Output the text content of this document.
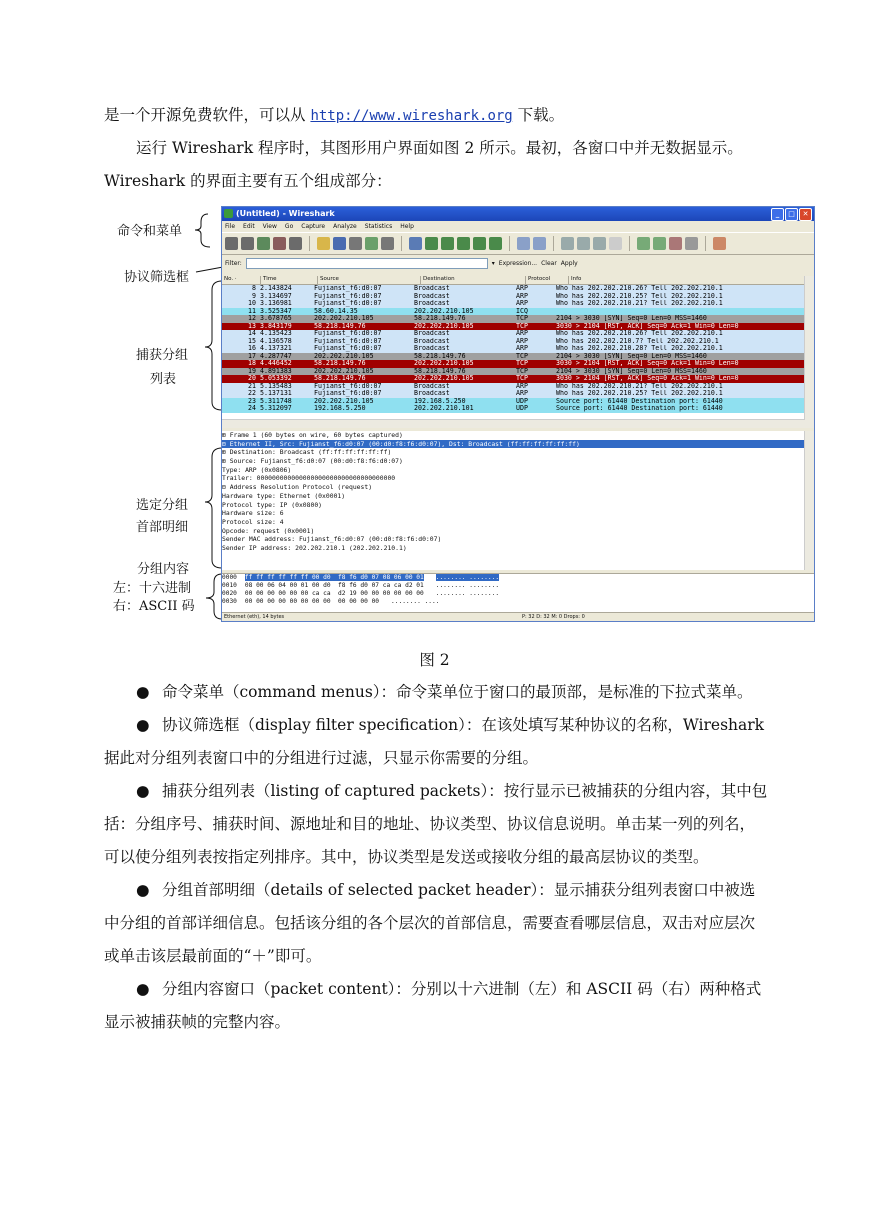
是一个开源免费软件，可以从 http://www.wireshark.org 下载。

运行 Wireshark 程序时，其图形用户界面如图 2 所示。最初，各窗口中并无数据显示。Wireshark 的界面主要有五个组成部分：

命令和菜单
协议筛选框
捕获分组
列表
选定分组
首部明细
分组内容
左：十六进制
右：ASCII 码
(Untitled) - Wireshark	_	□	✕
File Edit View Go Capture Analyze Statistics Help
Filter:	▾ Expression... Clear Apply
No. ·	Time	Source	Destination	Protocol	Info
8	2.143824	Fujianst_f6:d0:07	Broadcast	ARP	Who has 202.202.210.26? Tell 202.202.210.1
9	3.134697	Fujianst_f6:d0:07	Broadcast	ARP	Who has 202.202.210.25? Tell 202.202.210.1
10	3.136981	Fujianst_f6:d0:07	Broadcast	ARP	Who has 202.202.210.21? Tell 202.202.210.1
11	3.525347	58.60.14.35	202.202.210.105	ICQ	
12	3.678765	202.202.210.105	58.218.149.76	TCP	2104 > 3030 [SYN] Seq=0 Len=0 MSS=1460
13	3.843179	58.218.149.76	202.202.210.105	TCP	3030 > 2104 [RST, ACK] Seq=0 Ack=1 Win=0 Len=0
14	4.135423	Fujianst_f6:d0:07	Broadcast	ARP	Who has 202.202.210.26? Tell 202.202.210.1
15	4.136578	Fujianst_f6:d0:07	Broadcast	ARP	Who has 202.202.210.7? Tell 202.202.210.1
16	4.137321	Fujianst_f6:d0:07	Broadcast	ARP	Who has 202.202.210.28? Tell 202.202.210.1
17	4.287747	202.202.210.105	58.218.149.76	TCP	2104 > 3030 [SYN] Seq=0 Len=0 MSS=1460
18	4.446452	58.218.149.76	202.202.210.105	TCP	3030 > 2104 [RST, ACK] Seq=0 Ack=1 Win=0 Len=0
19	4.891383	202.202.210.105	58.218.149.76	TCP	2104 > 3030 [SYN] Seq=0 Len=0 MSS=1460
20	5.053392	58.218.149.76	202.202.210.105	TCP	3030 > 2104 [RST, ACK] Seq=0 Ack=1 Win=0 Len=0
21	5.135483	Fujianst_f6:d0:07	Broadcast	ARP	Who has 202.202.210.21? Tell 202.202.210.1
22	5.137131	Fujianst_f6:d0:07	Broadcast	ARP	Who has 202.202.210.25? Tell 202.202.210.1
23	5.311748	202.202.210.105	192.168.5.250	UDP	Source port: 61440 Destination port: 61440
24	5.312097	192.168.5.250	202.202.210.101	UDP	Source port: 61440 Destination port: 61440
⊞ Frame 1 (60 bytes on wire, 60 bytes captured)
⊟ Ethernet II, Src: Fujianst_f6:d0:07 (00:d0:f8:f6:d0:07), Dst: Broadcast (ff:ff:ff:ff:ff:ff)
⊞ Destination: Broadcast (ff:ff:ff:ff:ff:ff)
⊞ Source: Fujianst_f6:d0:07 (00:d0:f8:f6:d0:07)
Type: ARP (0x0806)
Trailer: 000000000000000000000000000000000000
⊟ Address Resolution Protocol (request)
Hardware type: Ethernet (0x0001)
Protocol type: IP (0x0800)
Hardware size: 6
Protocol size: 4
Opcode: request (0x0001)
Sender MAC address: Fujianst_f6:d0:07 (00:d0:f8:f6:d0:07)
Sender IP address: 202.202.210.1 (202.202.210.1)
0000 ff ff ff ff ff ff 00 d0  f8 f6 d0 07 08 06 00 01 ........ ........
0010 08 00 06 04 00 01 00 d0  f8 f6 d0 07 ca ca d2 01 ........ ........
0020 00 00 00 00 00 00 ca ca  d2 19 00 00 00 00 00 00 ........ ........
0030 00 00 00 00 00 00 00 00  00 00 00 00 ........ ....
Ethernet (eth), 14 bytes	P: 32 D: 32 M: 0 Drops: 0
图 2

● 命令菜单（command menus）：命令菜单位于窗口的最顶部，是标准的下拉式菜单。

● 协议筛选框（display filter specification）：在该处填写某种协议的名称，Wireshark据此对分组列表窗口中的分组进行过滤，只显示你需要的分组。

● 捕获分组列表（listing of captured packets）：按行显示已被捕获的分组内容，其中包括：分组序号、捕获时间、源地址和目的地址、协议类型、协议信息说明。单击某一列的列名，可以使分组列表按指定列排序。其中，协议类型是发送或接收分组的最高层协议的类型。

● 分组首部明细（details of selected packet header）：显示捕获分组列表窗口中被选中分组的首部详细信息。包括该分组的各个层次的首部信息，需要查看哪层信息，双击对应层次或单击该层最前面的“＋”即可。

● 分组内容窗口（packet content）：分别以十六进制（左）和 ASCII 码（右）两种格式显示被捕获帧的完整内容。
